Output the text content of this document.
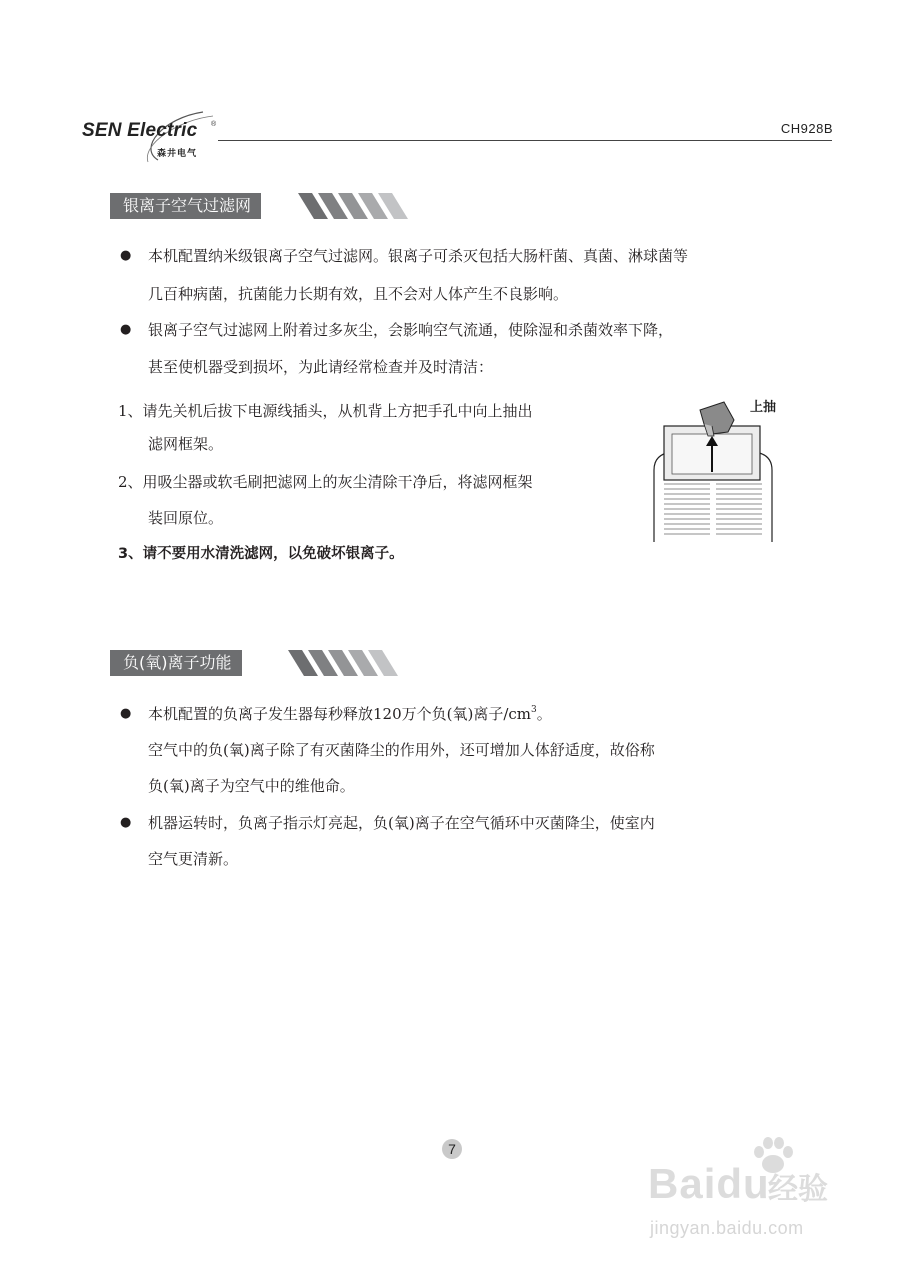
SEN Electric ®
森井电气
CH928B
银离子空气过滤网
● 本机配置纳米级银离子空气过滤网。银离子可杀灭包括大肠杆菌、真菌、淋球菌等
几百种病菌，抗菌能力长期有效，且不会对人体产生不良影响。
● 银离子空气过滤网上附着过多灰尘，会影响空气流通，使除湿和杀菌效率下降，
甚至使机器受到损坏，为此请经常检查并及时清洁：
1、请先关机后拔下电源线插头，从机背上方把手孔中向上抽出
滤网框架。
2、用吸尘器或软毛刷把滤网上的灰尘清除干净后，将滤网框架
装回原位。
3、请不要用水清洗滤网，以免破坏银离子。
上抽
负(氧)离子功能
● 本机配置的负离子发生器每秒释放120万个负(氧)离子$/cm^3$。
空气中的负(氧)离子除了有灭菌降尘的作用外，还可增加人体舒适度，故俗称
负(氧)离子为空气中的维他命。
● 机器运转时，负离子指示灯亮起，负(氧)离子在空气循环中灭菌降尘，使室内
空气更清新。
7
Baidu
经验
jingyan.baidu.com
